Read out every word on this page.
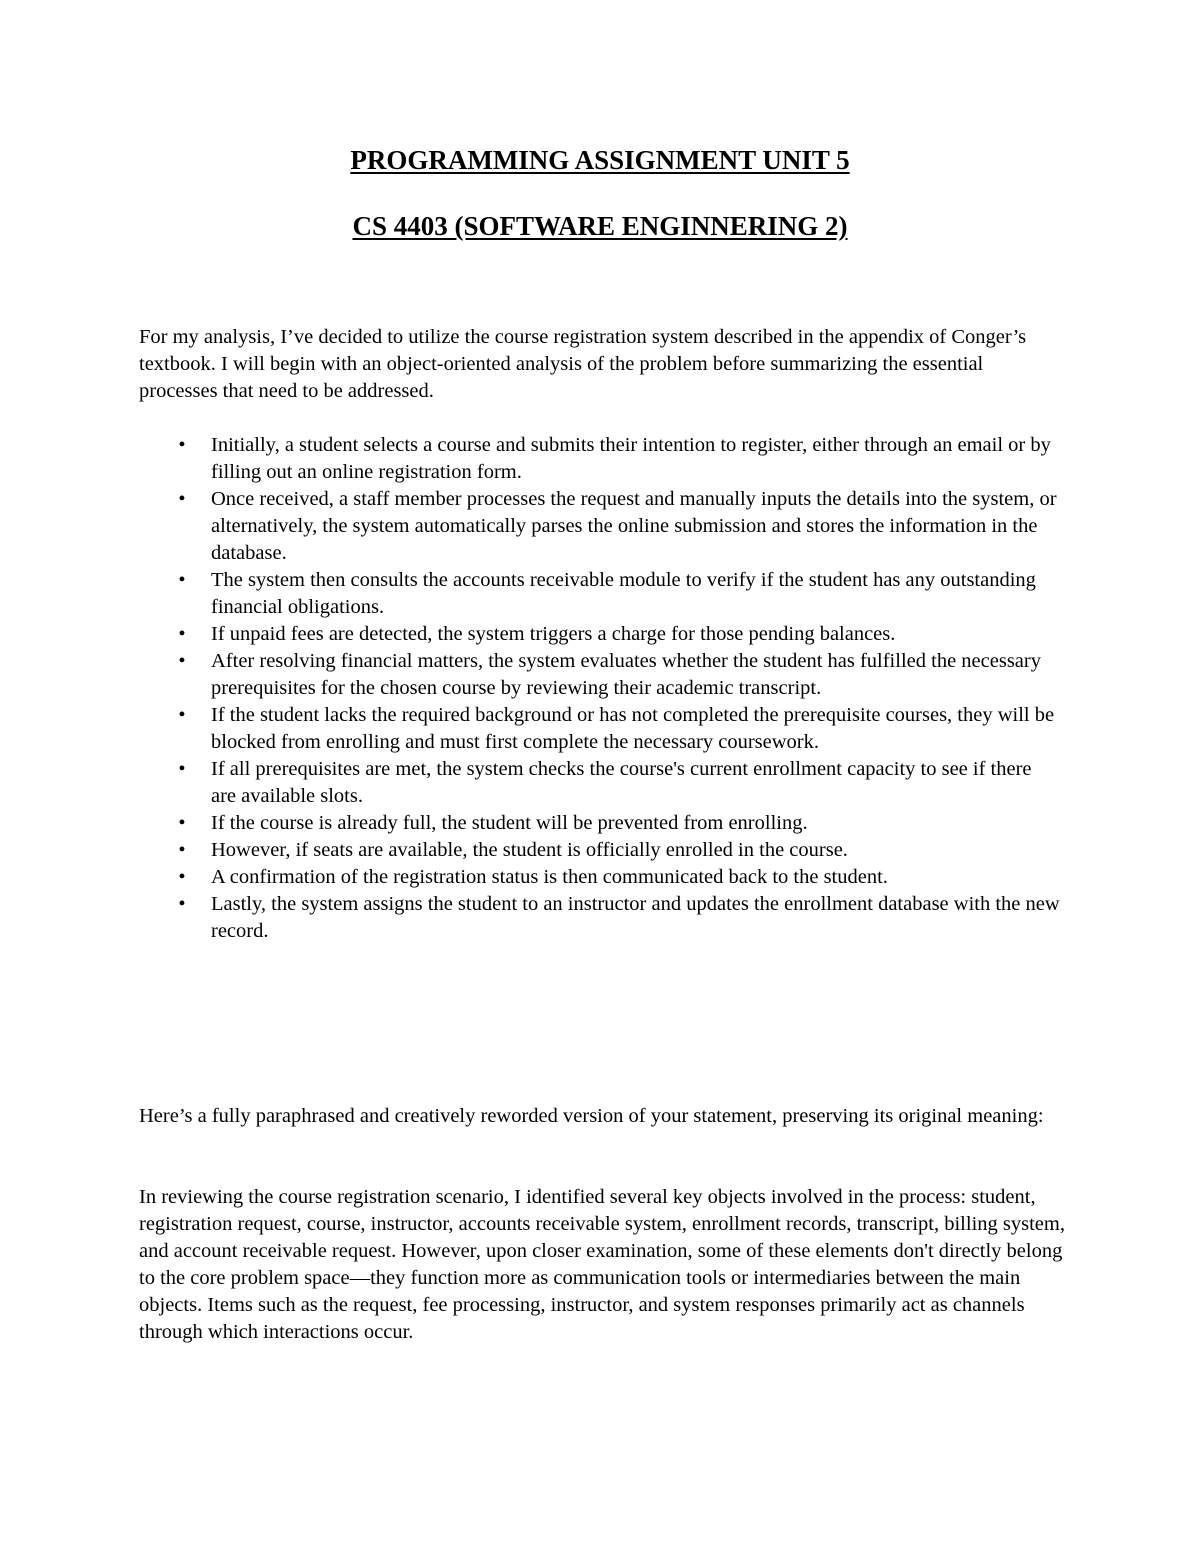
PROGRAMMING ASSIGNMENT UNIT 5
CS 4403 (SOFTWARE ENGINNERING 2)

For my analysis, I’ve decided to utilize the course registration system described in the appendix of Conger’s textbook. I will begin with an object-oriented analysis of the problem before summarizing the essential processes that need to be addressed.

•	Initially, a student selects a course and submits their intention to register, either through an email or by filling out an online registration form.
•	Once received, a staff member processes the request and manually inputs the details into the system, or alternatively, the system automatically parses the online submission and stores the information in the database.
•	The system then consults the accounts receivable module to verify if the student has any outstanding financial obligations.
•	If unpaid fees are detected, the system triggers a charge for those pending balances.
•	After resolving financial matters, the system evaluates whether the student has fulfilled the necessary prerequisites for the chosen course by reviewing their academic transcript.
•	If the student lacks the required background or has not completed the prerequisite courses, they will be blocked from enrolling and must first complete the necessary coursework.
•	If all prerequisites are met, the system checks the course's current enrollment capacity to see if there are available slots.
•	If the course is already full, the student will be prevented from enrolling.
•	However, if seats are available, the student is officially enrolled in the course.
•	A confirmation of the registration status is then communicated back to the student.
•	Lastly, the system assigns the student to an instructor and updates the enrollment database with the new record.

Here’s a fully paraphrased and creatively reworded version of your statement, preserving its original meaning:

In reviewing the course registration scenario, I identified several key objects involved in the process: student, registration request, course, instructor, accounts receivable system, enrollment records, transcript, billing system, and account receivable request. However, upon closer examination, some of these elements don't directly belong to the core problem space—they function more as communication tools or intermediaries between the main objects. Items such as the request, fee processing, instructor, and system responses primarily act as channels through which interactions occur.
